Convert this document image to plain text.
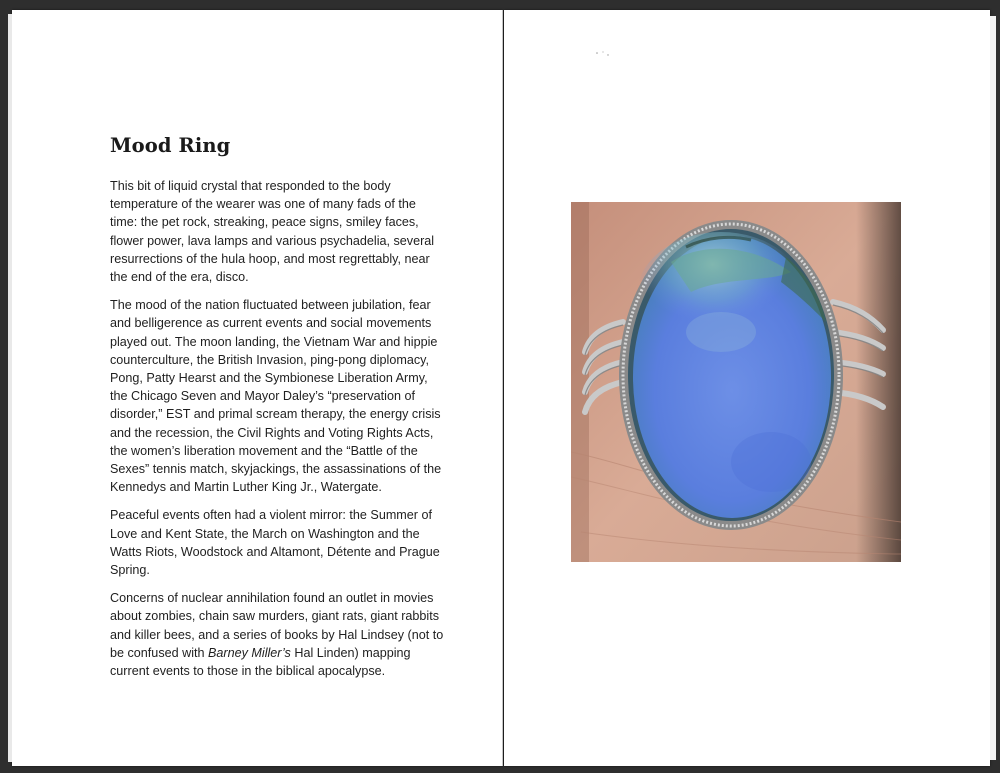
Mood Ring

This bit of liquid crystal that responded to the body temperature of the wearer was one of many fads of the time: the pet rock, streaking, peace signs, smiley faces, flower power, lava lamps and various psychadelia, several resurrections of the hula hoop, and most regrettably, near the end of the era, disco.

The mood of the nation fluctuated between jubilation, fear and belligerence as current events and social movements played out. The moon landing, the Vietnam War and hippie counterculture, the British Invasion, ping-pong diplomacy, Pong, Patty Hearst and the Symbionese Liberation Army, the Chicago Seven and Mayor Daley’s “preservation of disorder,” EST and primal scream therapy, the energy crisis and the recession, the Civil Rights and Voting Rights Acts, the women’s liberation movement and the “Battle of the Sexes” tennis match, skyjackings, the assassinations of the Kennedys and Martin Luther King Jr., Watergate.

Peaceful events often had a violent mirror: the Summer of Love and Kent State, the March on Washington and the Watts Riots, Woodstock and Altamont, Détente and Prague Spring.

Concerns of nuclear annihilation found an outlet in movies about zombies, chain saw murders, giant rats, giant rabbits and killer bees, and a series of books by Hal Lindsey (not to be confused with Barney Miller’s Hal Linden) mapping current events to those in the biblical apocalypse.
